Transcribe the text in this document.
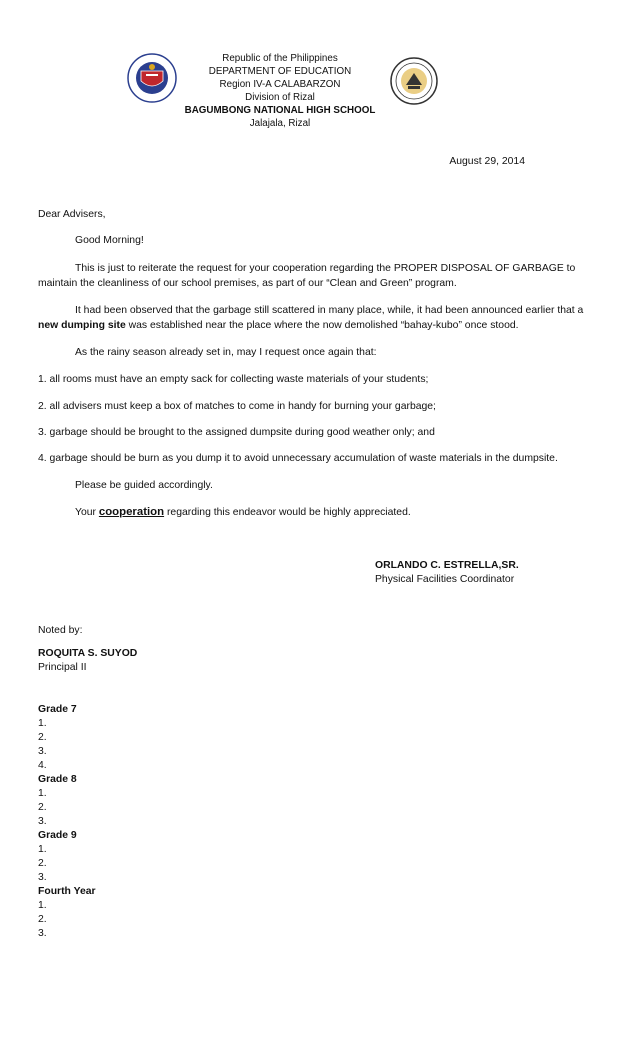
Republic of the Philippines
DEPARTMENT OF EDUCATION
Region IV-A CALABARZON
Division of Rizal
BAGUMBONG NATIONAL HIGH SCHOOL
Jalajala, Rizal
August 29, 2014
Dear Advisers,
Good Morning!
This is just to reiterate the request for your cooperation regarding the PROPER DISPOSAL OF GARBAGE to maintain the cleanliness of our school premises, as part of our “Clean and Green” program.
It had been observed that the garbage still scattered in many place, while, it had been announced earlier that a new dumping site was established near the place where the now demolished “bahay-kubo” once stood.
As the rainy season already set in, may I request once again that:
1. all rooms must have an empty sack for collecting waste materials of your students;
2. all advisers must keep a box of matches to come in handy for burning your garbage;
3. garbage should be brought to the assigned dumpsite during good weather only; and
4. garbage should be burn as you dump it to avoid unnecessary accumulation of waste materials in the dumpsite.
Please be guided accordingly.
Your cooperation regarding this endeavor would be highly appreciated.
ORLANDO C. ESTRELLA,SR.
Physical Facilities Coordinator
Noted by:
ROQUITA S. SUYOD
Principal II
Grade 7
1.
2.
3.
4.
Grade 8
1.
2.
3.
Grade 9
1.
2.
3.
Fourth Year
1.
2.
3.
